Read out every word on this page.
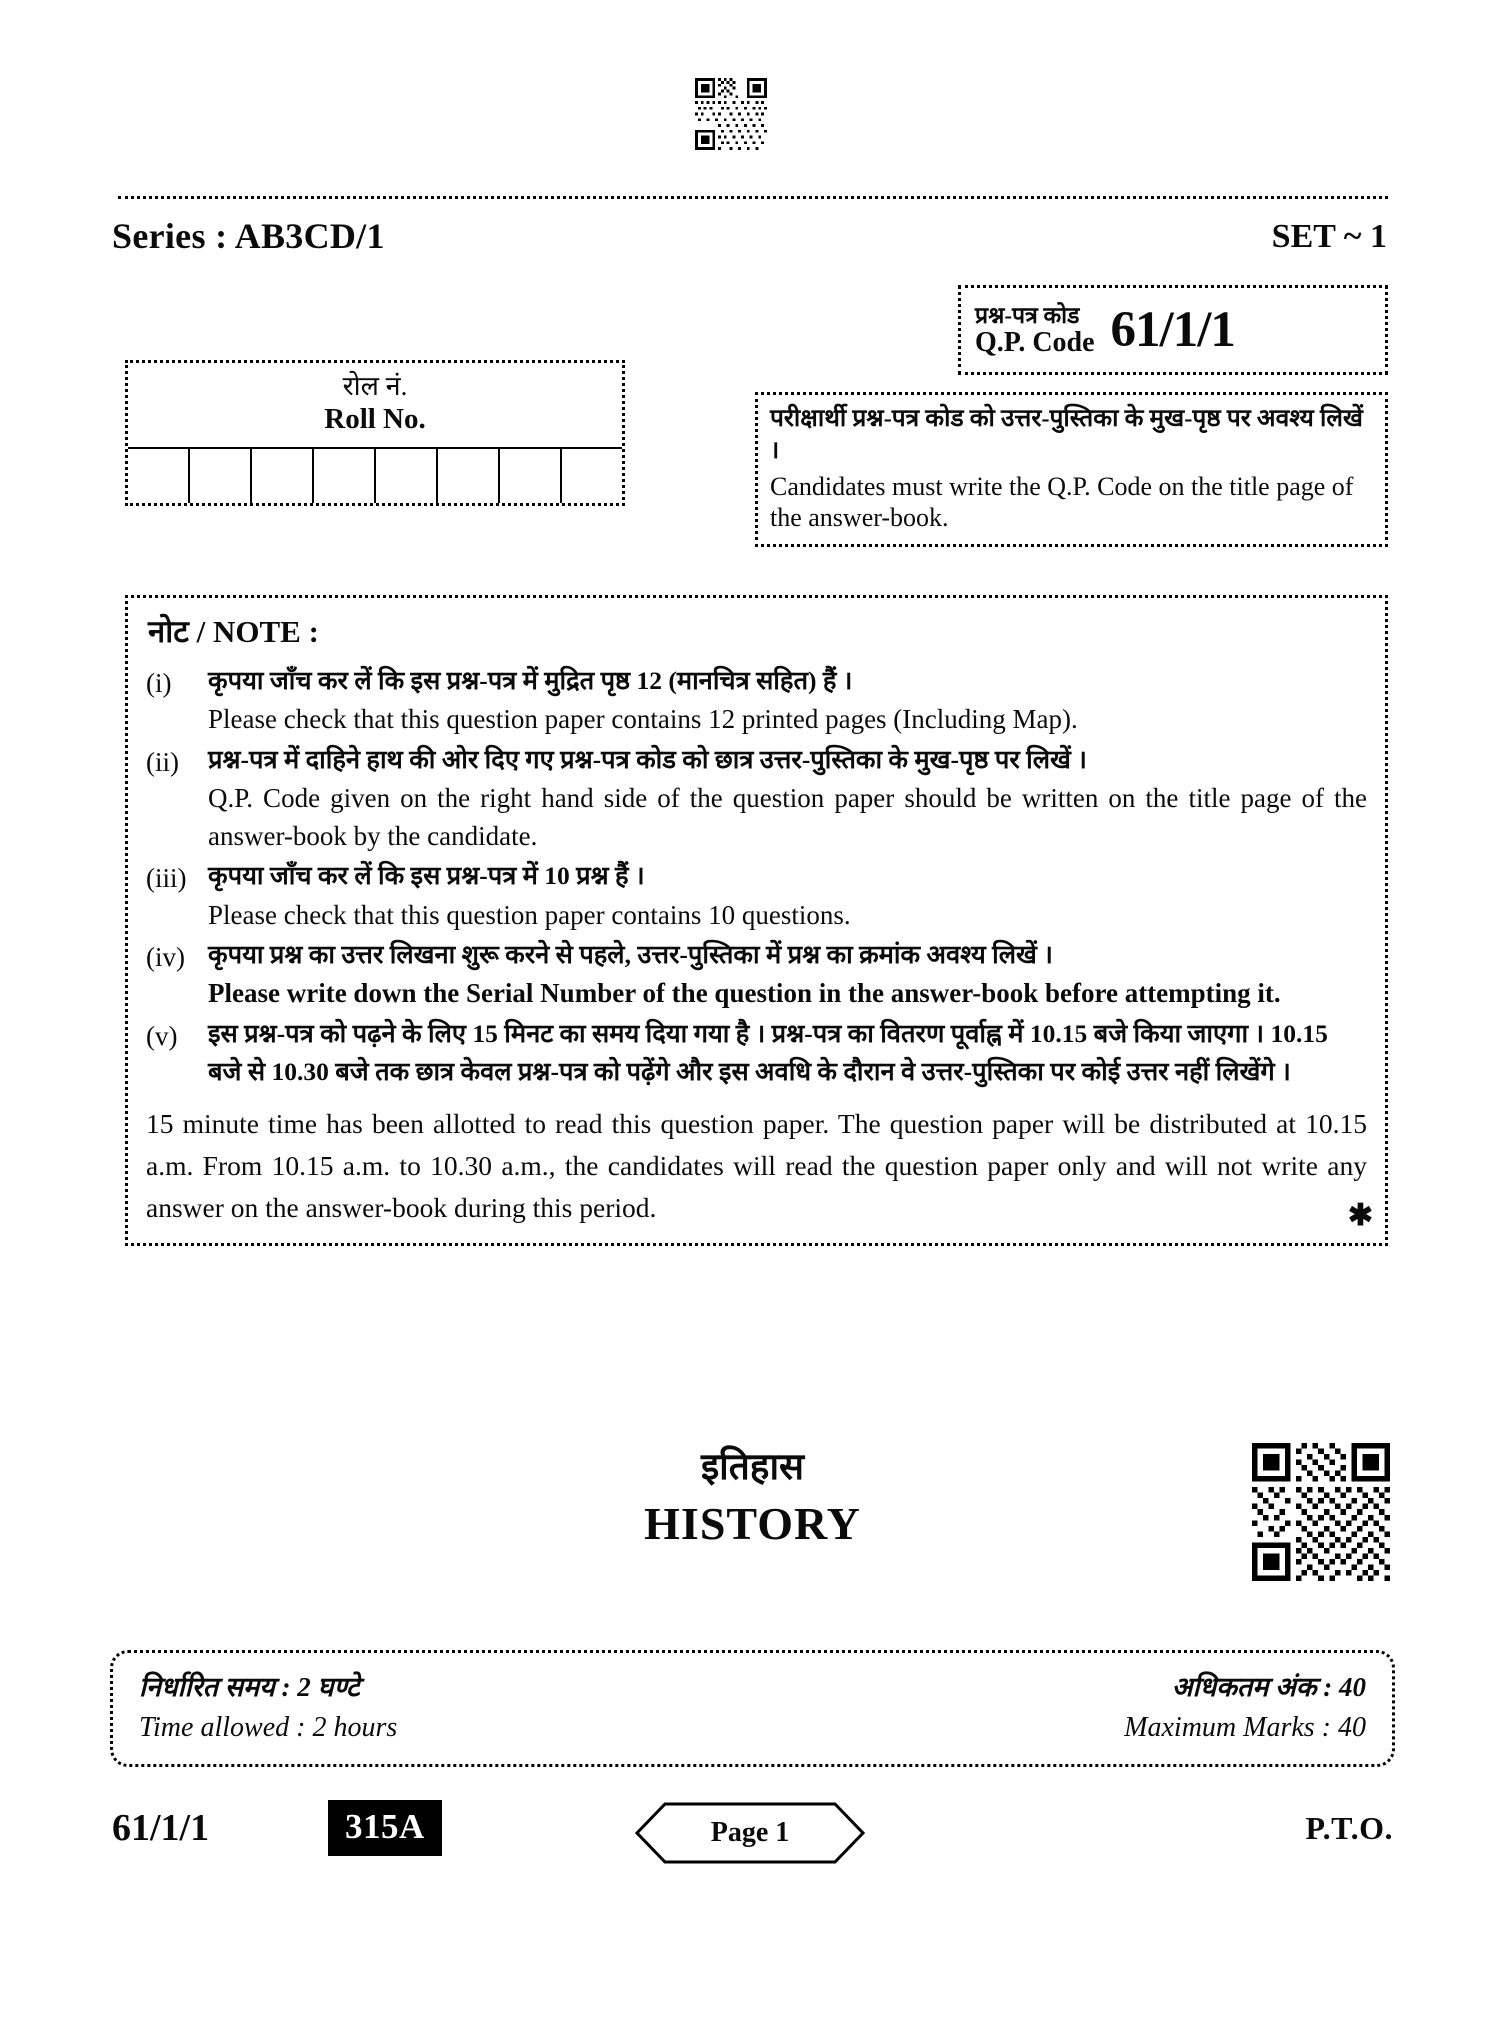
Series : AB3CD/1	SET ~ 1
रोल नं.
Roll No.
प्रश्न-पत्र कोड
Q.P. Code 61/1/1
परीक्षार्थी प्रश्न-पत्र कोड को उत्तर-पुस्तिका के मुख-पृष्ठ पर अवश्य लिखें ।
Candidates must write the Q.P. Code on the title page of the answer-book.
नोट / NOTE :
(i)	कृपया जाँच कर लें कि इस प्रश्न-पत्र में मुद्रित पृष्ठ 12 (मानचित्र सहित) हैं ।
Please check that this question paper contains 12 printed pages (Including Map).
(ii)	प्रश्न-पत्र में दाहिने हाथ की ओर दिए गए प्रश्न-पत्र कोड को छात्र उत्तर-पुस्तिका के मुख-पृष्ठ पर लिखें ।
Q.P. Code given on the right hand side of the question paper should be written on the title page of the answer-book by the candidate.
(iii) कृपया जाँच कर लें कि इस प्रश्न-पत्र में 10 प्रश्न हैं ।
Please check that this question paper contains 10 questions.
(iv) कृपया प्रश्न का उत्तर लिखना शुरू करने से पहले, उत्तर-पुस्तिका में प्रश्न का क्रमांक अवश्य लिखें ।
Please write down the Serial Number of the question in the answer-book before attempting it.
(v)	इस प्रश्न-पत्र को पढ़ने के लिए 15 मिनट का समय दिया गया है । प्रश्न-पत्र का वितरण पूर्वाह्न में 10.15 बजे किया जाएगा । 10.15 बजे से 10.30 बजे तक छात्र केवल प्रश्न-पत्र को पढ़ेंगे और इस अवधि के दौरान वे उत्तर-पुस्तिका पर कोई उत्तर नहीं लिखेंगे ।
15 minute time has been allotted to read this question paper. The question paper will be distributed at 10.15 a.m. From 10.15 a.m. to 10.30 a.m., the candidates will read the question paper only and will not write any answer on the answer-book during this period.	✱
इतिहास
HISTORY
निर्धारित समय : 2 घण्टे
Time allowed : 2 hours
अधिकतम अंक : 40
Maximum Marks : 40
61/1/1	315A	Page 1	P.T.O.
